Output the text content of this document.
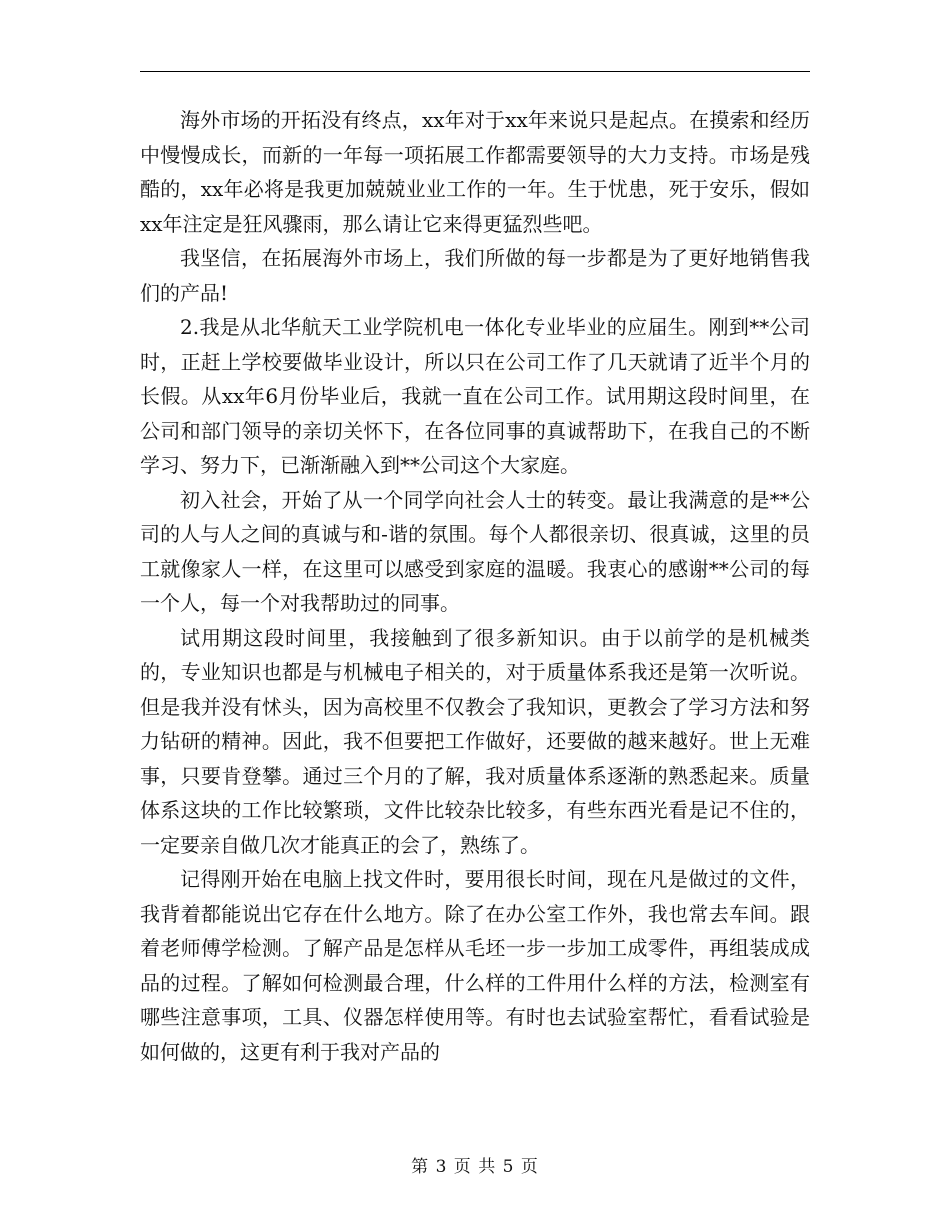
海外市场的开拓没有终点，xx年对于xx年来说只是起点。在摸索和经历中慢慢成长，而新的一年每一项拓展工作都需要领导的大力支持。市场是残酷的，xx年必将是我更加兢兢业业工作的一年。生于忧患，死于安乐，假如xx年注定是狂风骤雨，那么请让它来得更猛烈些吧。

我坚信，在拓展海外市场上，我们所做的每一步都是为了更好地销售我们的产品!

2.我是从北华航天工业学院机电一体化专业毕业的应届生。刚到**公司时，正赶上学校要做毕业设计，所以只在公司工作了几天就请了近半个月的长假。从xx年6月份毕业后，我就一直在公司工作。试用期这段时间里，在公司和部门领导的亲切关怀下，在各位同事的真诚帮助下，在我自己的不断学习、努力下，已渐渐融入到**公司这个大家庭。

初入社会，开始了从一个同学向社会人士的转变。最让我满意的是**公司的人与人之间的真诚与和-谐的氛围。每个人都很亲切、很真诚，这里的员工就像家人一样，在这里可以感受到家庭的温暖。我衷心的感谢**公司的每一个人，每一个对我帮助过的同事。

试用期这段时间里，我接触到了很多新知识。由于以前学的是机械类的，专业知识也都是与机械电子相关的，对于质量体系我还是第一次听说。但是我并没有怵头，因为高校里不仅教会了我知识，更教会了学习方法和努力钻研的精神。因此，我不但要把工作做好，还要做的越来越好。世上无难事，只要肯登攀。通过三个月的了解，我对质量体系逐渐的熟悉起来。质量体系这块的工作比较繁琐，文件比较杂比较多，有些东西光看是记不住的，一定要亲自做几次才能真正的会了，熟练了。

记得刚开始在电脑上找文件时，要用很长时间，现在凡是做过的文件，我背着都能说出它存在什么地方。除了在办公室工作外，我也常去车间。跟着老师傅学检测。了解产品是怎样从毛坯一步一步加工成零件，再组装成成品的过程。了解如何检测最合理，什么样的工件用什么样的方法，检测室有哪些注意事项，工具、仪器怎样使用等。有时也去试验室帮忙，看看试验是如何做的，这更有利于我对产品的

第 3 页 共 5 页
